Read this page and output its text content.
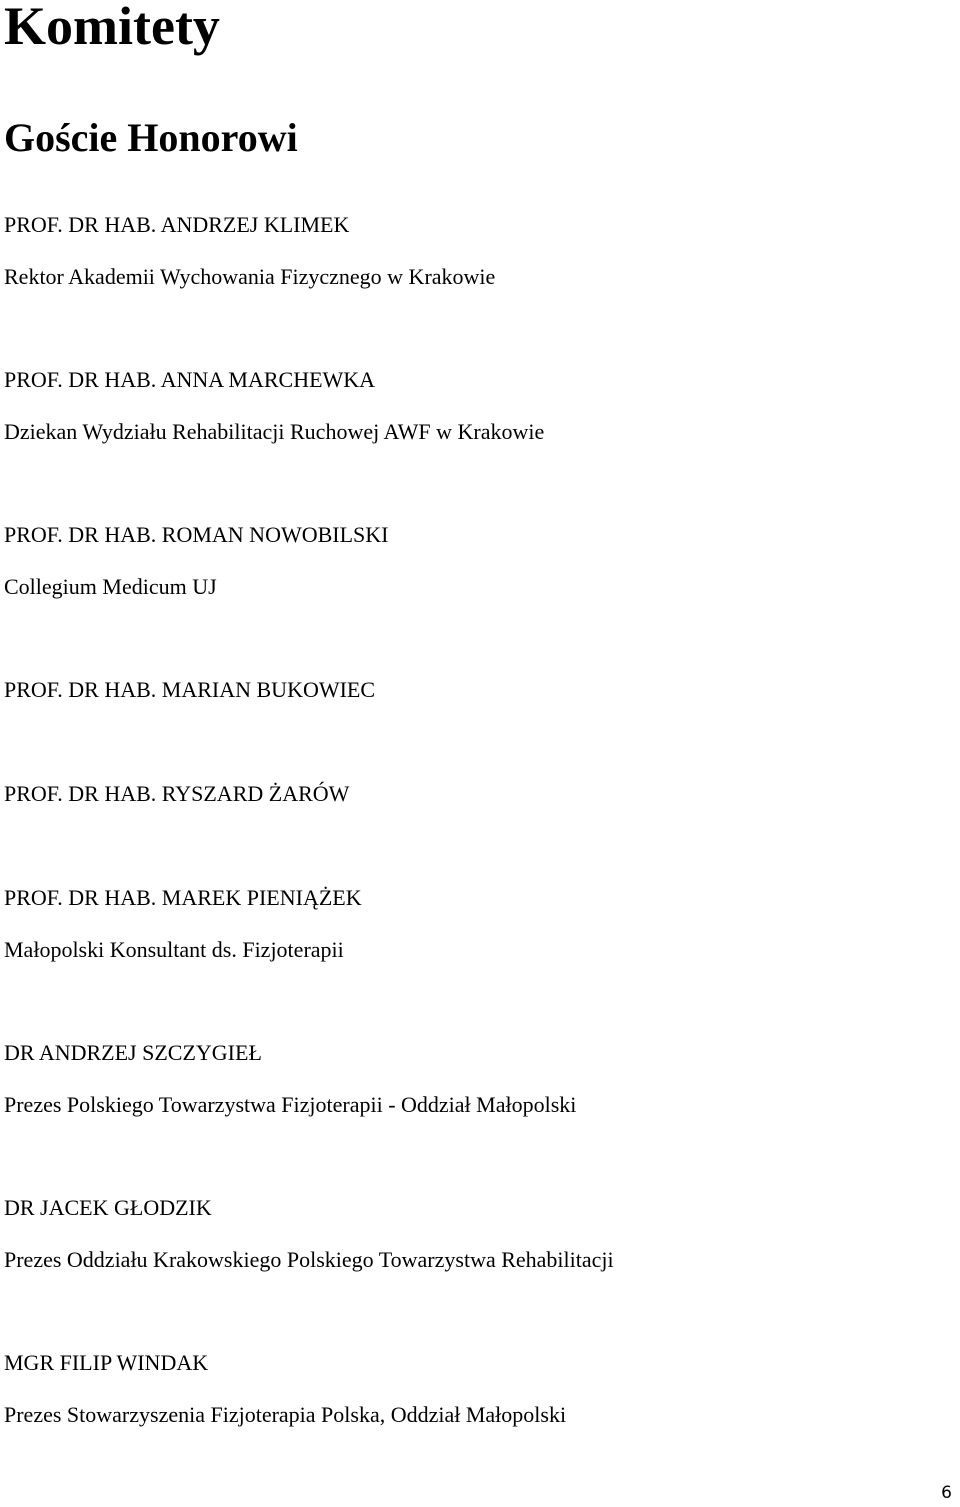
Komitety
Goście Honorowi

PROF. DR HAB. ANDRZEJ KLIMEK

Rektor Akademii Wychowania Fizycznego w Krakowie

PROF. DR HAB. ANNA MARCHEWKA

Dziekan Wydziału Rehabilitacji Ruchowej AWF w Krakowie

PROF. DR HAB. ROMAN NOWOBILSKI

Collegium Medicum UJ

PROF. DR HAB. MARIAN BUKOWIEC

PROF. DR HAB. RYSZARD ŻARÓW

PROF. DR HAB. MAREK PIENIĄŻEK

Małopolski Konsultant ds. Fizjoterapii

DR ANDRZEJ SZCZYGIEŁ

Prezes Polskiego Towarzystwa Fizjoterapii - Oddział Małopolski

DR JACEK GŁODZIK

Prezes Oddziału Krakowskiego Polskiego Towarzystwa Rehabilitacji

MGR FILIP WINDAK

Prezes Stowarzyszenia Fizjoterapia Polska, Oddział Małopolski

6
